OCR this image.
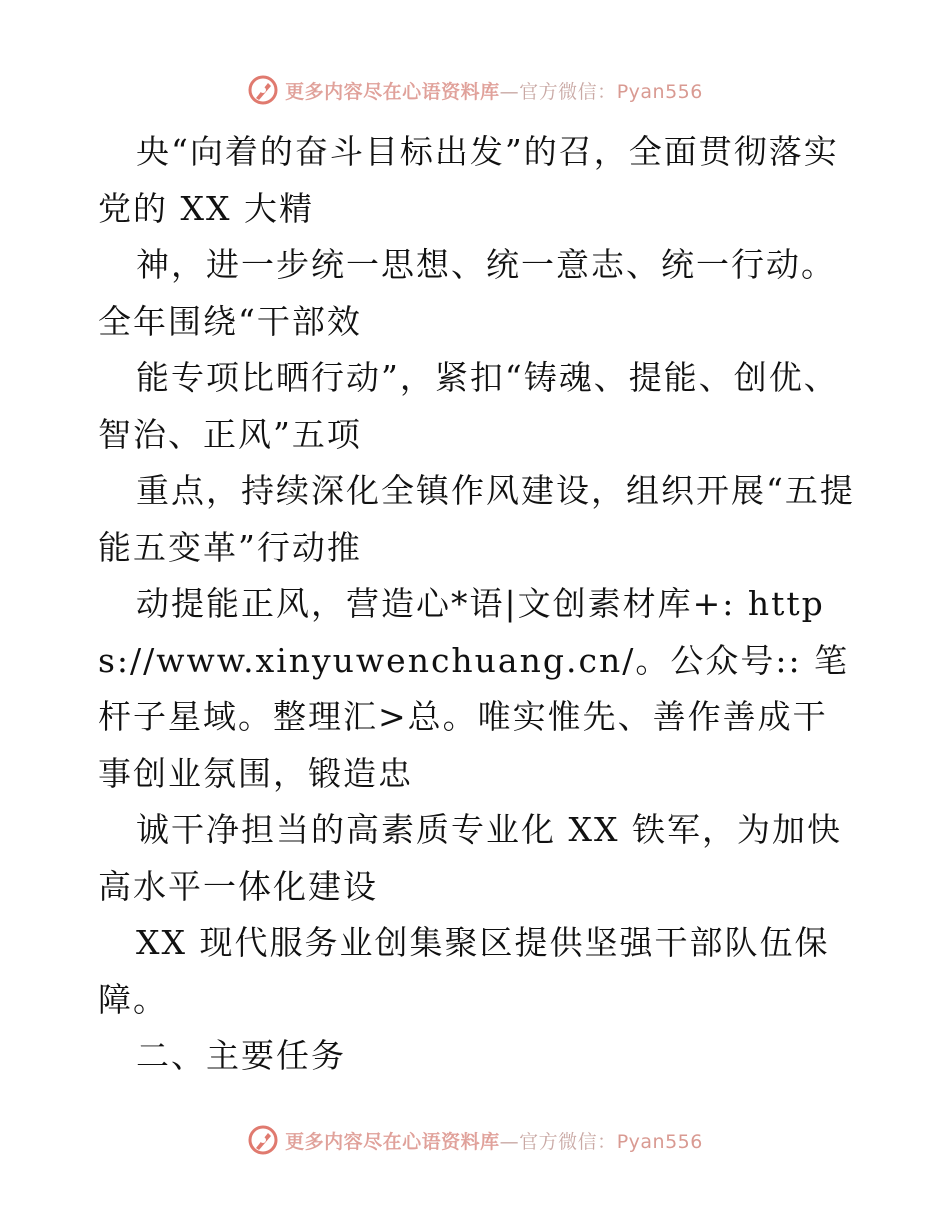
更多内容尽在心语资料库—官方微信：Pyan556

央“向着的奋斗目标出发”的召，全面贯彻落实党的 XX 大精

神，进一步统一思想、统一意志、统一行动。全年围绕“干部效

能专项比晒行动”，紧扣“铸魂、提能、创优、智治、正风”五项

重点，持续深化全镇作风建设，组织开展“五提能五变革”行动推

动提能正风，营造心*语|文创素材库+: https://www.xinyuwenchuang.cn/。公众号:: 笔杆子星域。整理汇>总。唯实惟先、善作善成干事创业氛围，锻造忠

诚干净担当的高素质专业化 XX 铁军，为加快高水平一体化建设

XX 现代服务业创集聚区提供坚强干部队伍保障。

二、主要任务

更多内容尽在心语资料库—官方微信：Pyan556
